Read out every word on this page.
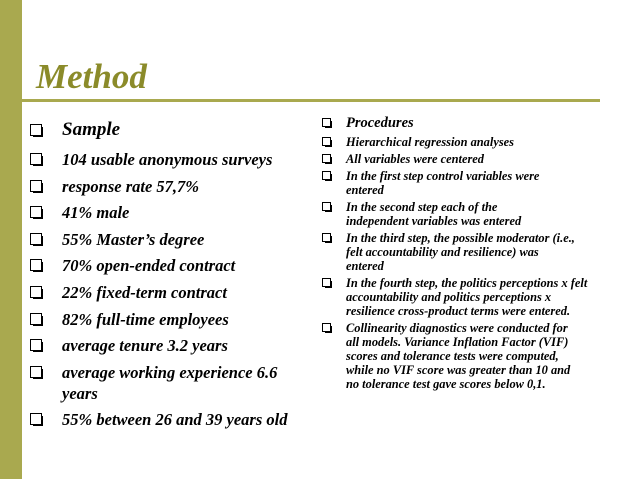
Method
Sample
104 usable anonymous surveys
response rate 57,7%
41% male
55% Master’s degree
70% open-ended contract
22% fixed-term contract
82% full-time employees
average tenure 3.2 years
average working experience 6.6 years
55% between 26 and 39 years old
Procedures
Hierarchical regression analyses
All variables were centered
In the first step control variables were entered
In the second step each of the independent variables was entered
In the third step, the possible moderator (i.e., felt accountability and resilience) was entered
In the fourth step, the politics perceptions x felt accountability and politics perceptions x resilience cross-product terms were entered.
Collinearity diagnostics were conducted for all models. Variance Inflation Factor (VIF) scores and tolerance tests were computed, while no VIF score was greater than 10 and no tolerance test gave scores below 0,1.
